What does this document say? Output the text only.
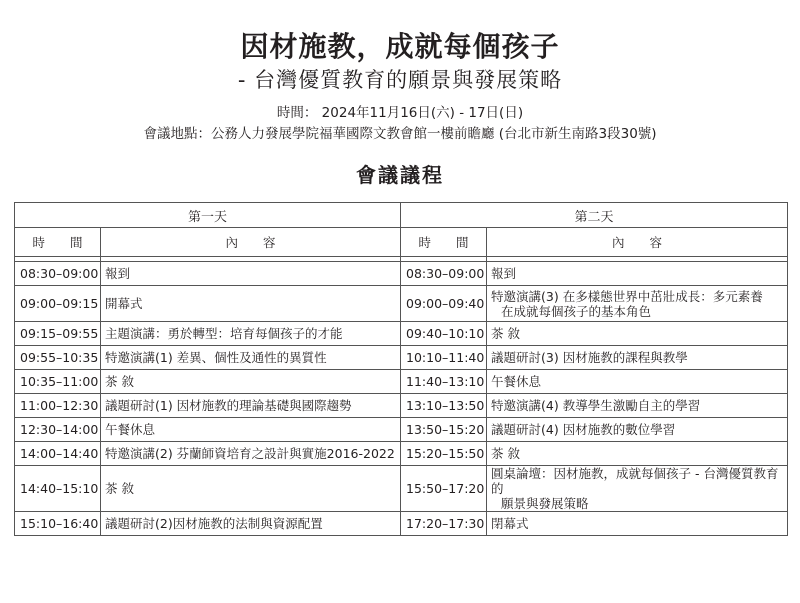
因材施教，成就每個孩子
- 台灣優質教育的願景與發展策略
時間： 2024年11月16日(六) - 17日(日)
會議地點：公務人力發展學院福華國際文教會館一樓前瞻廳 (台北市新生南路3段30號)
會議議程
第一天		第二天	
時　　間	內　　容	時　　間	內　　容

08:30–09:00	報到	08:30–09:00	報到
09:00–09:15	開幕式	09:00–09:40	特邀演講(3) 在多樣態世界中茁壯成長：多元素養
在成就每個孩子的基本角色

09:15–09:55	主題演講：勇於轉型：培育每個孩子的才能	09:40–10:10	茶 敘
09:55–10:35	特邀演講(1) 差異、個性及通性的異質性	10:10–11:40	議題研討(3) 因材施教的課程與教學
10:35–11:00	茶 敘	11:40–13:10	午餐休息
11:00–12:30	議題研討(1) 因材施教的理論基礎與國際趨勢	13:10–13:50	特邀演講(4) 教導學生激勵自主的學習
12:30–14:00	午餐休息	13:50–15:20	議題研討(4) 因材施教的數位學習
14:00–14:40	特邀演講(2) 芬蘭師資培育之設計與實施2016-2022	15:20–15:50	茶 敘
14:40–15:10	茶 敘	15:50–17:20	圓桌論壇：因材施教，成就每個孩子 - 台灣優質教育的
願景與發展策略

15:10–16:40	議題研討(2)因材施教的法制與資源配置	17:20–17:30	閉幕式
